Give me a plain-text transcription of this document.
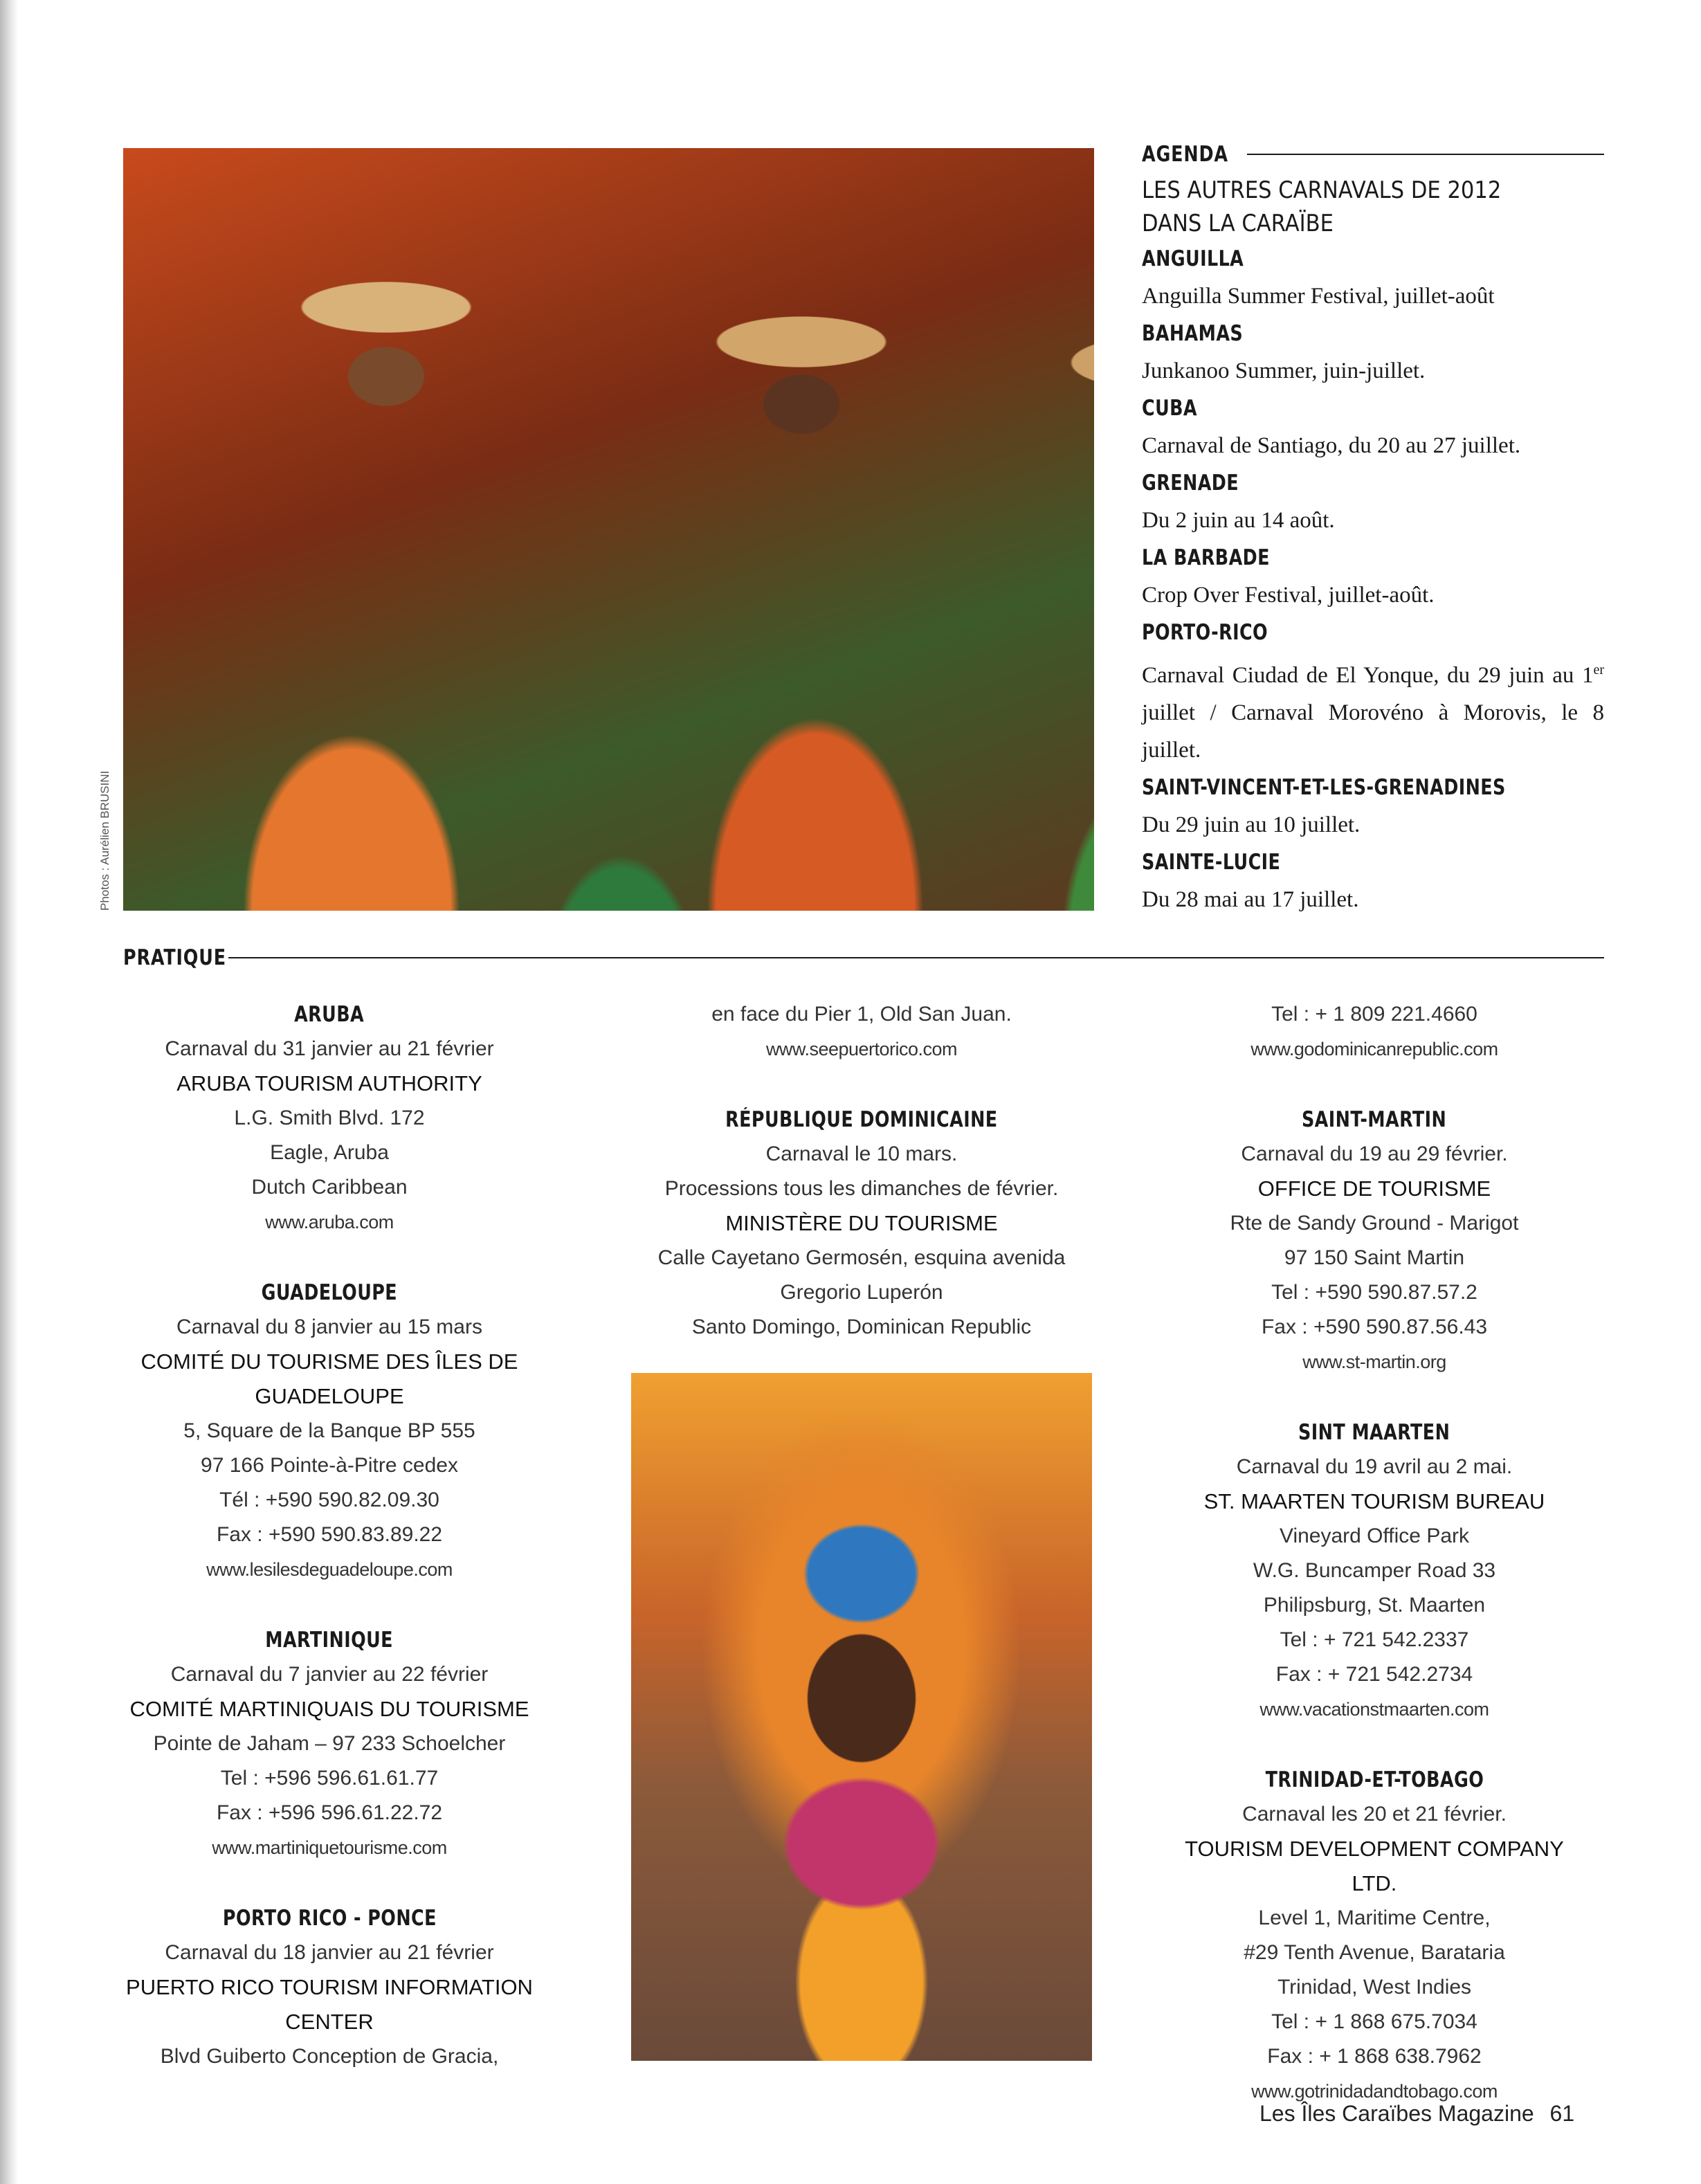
Photos : Aurélien BRUSINI
AGENDA
LES AUTRES CARNAVALS DE 2012
DANS LA CARAÏBE
ANGUILLA
Anguilla Summer Festival, juillet-août
BAHAMAS
Junkanoo Summer, juin-juillet.
CUBA
Carnaval de Santiago, du 20 au 27 juillet.
GRENADE
Du 2 juin au 14 août.
LA BARBADE
Crop Over Festival, juillet-août.
PORTO-RICO
Carnaval Ciudad de El Yonque, du 29 juin au 1er juillet / Carnaval Morovéno à Morovis, le 8 juillet.
SAINT-VINCENT-ET-LES-GRENADINES
Du 29 juin au 10 juillet.
SAINTE-LUCIE
Du 28 mai au 17 juillet.
PRATIQUE
ARUBA
Carnaval du 31 janvier au 21 février
ARUBA TOURISM AUTHORITY
L.G. Smith Blvd. 172
Eagle, Aruba
Dutch Caribbean
www.aruba.com
GUADELOUPE
Carnaval du 8 janvier au 15 mars
COMITÉ DU TOURISME DES ÎLES DE
GUADELOUPE
5, Square de la Banque BP 555
97 166 Pointe-à-Pitre cedex
Tél : +590 590.82.09.30
Fax : +590 590.83.89.22
www.lesilesdeguadeloupe.com
MARTINIQUE
Carnaval du 7 janvier au 22 février
COMITÉ MARTINIQUAIS DU TOURISME
Pointe de Jaham – 97 233 Schoelcher
Tel : +596 596.61.61.77
Fax : +596 596.61.22.72
www.martiniquetourisme.com
PORTO RICO - PONCE
Carnaval du 18 janvier au 21 février
PUERTO RICO TOURISM INFORMATION
CENTER
Blvd Guiberto Conception de Gracia,
en face du Pier 1, Old San Juan.
www.seepuertorico.com
RÉPUBLIQUE DOMINICAINE
Carnaval le 10 mars.
Processions tous les dimanches de février.
MINISTÈRE DU TOURISME
Calle Cayetano Germosén, esquina avenida
Gregorio Luperón
Santo Domingo, Dominican Republic
Tel : + 1 809 221.4660
www.godominicanrepublic.com
SAINT-MARTIN
Carnaval du 19 au 29 février.
OFFICE DE TOURISME
Rte de Sandy Ground - Marigot
97 150 Saint Martin
Tel : +590 590.87.57.2
Fax : +590 590.87.56.43
www.st-martin.org
SINT MAARTEN
Carnaval du 19 avril au 2 mai.
ST. MAARTEN TOURISM BUREAU
Vineyard Office Park
W.G. Buncamper Road 33
Philipsburg, St. Maarten
Tel : + 721 542.2337
Fax : + 721 542.2734
www.vacationstmaarten.com
TRINIDAD-ET-TOBAGO
Carnaval les 20 et 21 février.
TOURISM DEVELOPMENT COMPANY LTD.
Level 1, Maritime Centre,
#29 Tenth Avenue, Barataria
Trinidad, West Indies
Tel : + 1 868 675.7034
Fax : + 1 868 638.7962
www.gotrinidadandtobago.com
Les Îles Caraïbes Magazine 61
